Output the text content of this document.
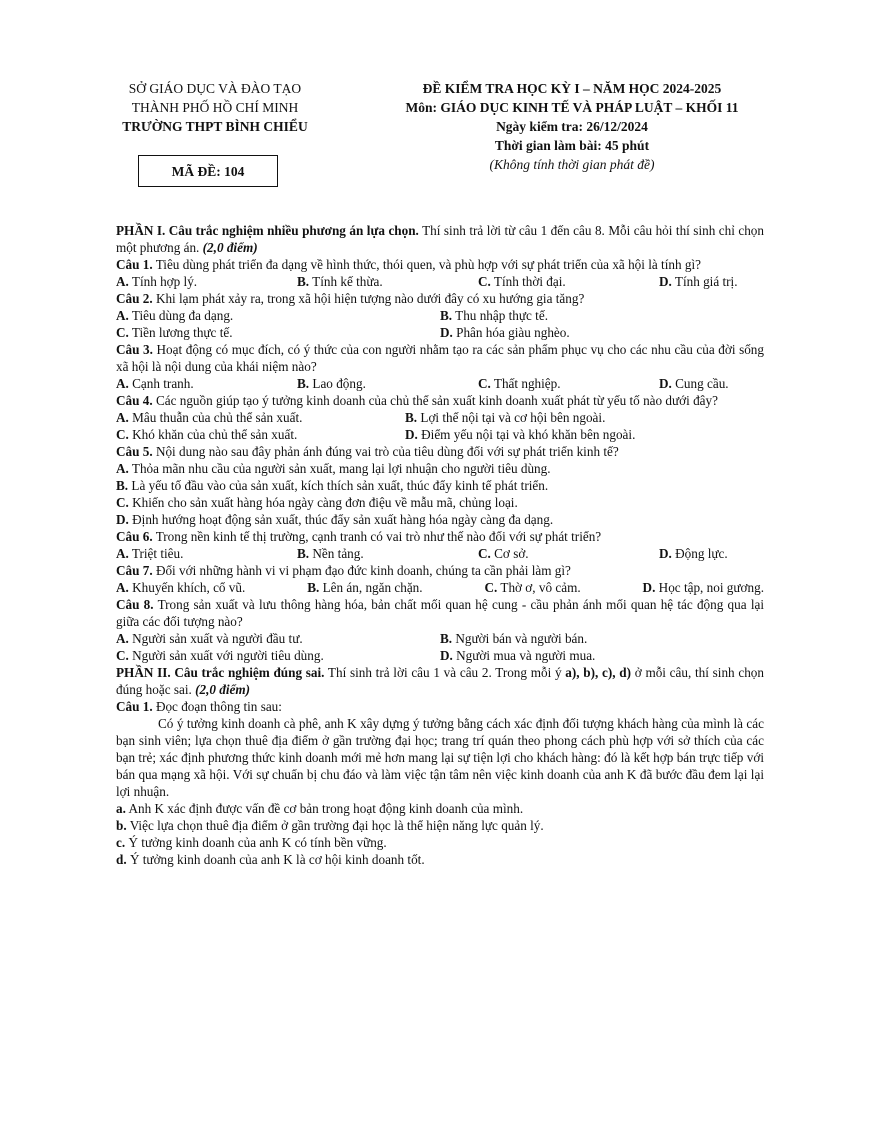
SỞ GIÁO DỤC VÀ ĐÀO TẠO
THÀNH PHỐ HỒ CHÍ MINH
TRƯỜNG THPT BÌNH CHIỂU
MÃ ĐỀ: 104
ĐỀ KIỂM TRA HỌC KỲ I – NĂM HỌC 2024-2025
Môn: GIÁO DỤC KINH TẾ VÀ PHÁP LUẬT – KHỐI 11
Ngày kiểm tra: 26/12/2024
Thời gian làm bài: 45 phút
(Không tính thời gian phát đề)

PHẦN I. Câu trắc nghiệm nhiều phương án lựa chọn. Thí sinh trả lời từ câu 1 đến câu 8. Mỗi câu hỏi thí sinh chỉ chọn một phương án. (2,0 điểm)

Câu 1. Tiêu dùng phát triển đa dạng về hình thức, thói quen, và phù hợp với sự phát triển của xã hội là tính gì?

A. Tính hợp lý.	B. Tính kế thừa.	C. Tính thời đại.	D. Tính giá trị.

Câu 2. Khi lạm phát xảy ra, trong xã hội hiện tượng nào dưới đây có xu hướng gia tăng?

A. Tiêu dùng đa dạng.	B. Thu nhập thực tế.
C. Tiền lương thực tế.	D. Phân hóa giàu nghèo.

Câu 3. Hoạt động có mục đích, có ý thức của con người nhằm tạo ra các sản phẩm phục vụ cho các nhu cầu của đời sống xã hội là nội dung của khái niệm nào?

A. Cạnh tranh.	B. Lao động.	C. Thất nghiệp.	D. Cung cầu.

Câu 4. Các nguồn giúp tạo ý tưởng kinh doanh của chủ thể sản xuất kinh doanh xuất phát từ yếu tố nào dưới đây?

A. Mâu thuẫn của chủ thể sản xuất.	B. Lợi thế nội tại và cơ hội bên ngoài.
C. Khó khăn của chủ thể sản xuất.	D. Điểm yếu nội tại và khó khăn bên ngoài.

Câu 5. Nội dung nào sau đây phản ánh đúng vai trò của tiêu dùng đối với sự phát triển kinh tế?

A. Thỏa mãn nhu cầu của người sản xuất, mang lại lợi nhuận cho người tiêu dùng.
B. Là yếu tố đầu vào của sản xuất, kích thích sản xuất, thúc đẩy kinh tế phát triển.
C. Khiến cho sản xuất hàng hóa ngày càng đơn điệu về mẫu mã, chủng loại.
D. Định hướng hoạt động sản xuất, thúc đẩy sản xuất hàng hóa ngày càng đa dạng.

Câu 6. Trong nền kinh tế thị trường, cạnh tranh có vai trò như thế nào đối với sự phát triển?

A. Triệt tiêu.	B. Nền tảng.	C. Cơ sở.	D. Động lực.

Câu 7. Đối với những hành vi vi phạm đạo đức kinh doanh, chúng ta cần phải làm gì?

A. Khuyến khích, cổ vũ.	B. Lên án, ngăn chặn.	C. Thờ ơ, vô cảm.	D. Học tập, noi gương.

Câu 8. Trong sản xuất và lưu thông hàng hóa, bản chất mối quan hệ cung - cầu phản ánh mối quan hệ tác động qua lại giữa các đối tượng nào?

A. Người sản xuất và người đầu tư.	B. Người bán và người bán.
C. Người sản xuất với người tiêu dùng.	D. Người mua và người mua.

PHẦN II. Câu trắc nghiệm đúng sai. Thí sinh trả lời câu 1 và câu 2. Trong mỗi ý a), b), c), d) ở mỗi câu, thí sinh chọn đúng hoặc sai. (2,0 điểm)

Câu 1. Đọc đoạn thông tin sau:

Có ý tưởng kinh doanh cà phê, anh K xây dựng ý tưởng bằng cách xác định đối tượng khách hàng của mình là các bạn sinh viên; lựa chọn thuê địa điểm ở gần trường đại học; trang trí quán theo phong cách phù hợp với sở thích của các bạn trẻ; xác định phương thức kinh doanh mới mẻ hơn mang lại sự tiện lợi cho khách hàng: đó là kết hợp bán trực tiếp với bán qua mạng xã hội. Với sự chuẩn bị chu đáo và làm việc tận tâm nên việc kinh doanh của anh K đã bước đầu đem lại lại lợi nhuận.

a. Anh K xác định được vấn đề cơ bản trong hoạt động kinh doanh của mình.
b. Việc lựa chọn thuê địa điểm ở gần trường đại học là thể hiện năng lực quản lý.
c. Ý tưởng kinh doanh của anh K có tính bền vững.
d. Ý tưởng kinh doanh của anh K là cơ hội kinh doanh tốt.
